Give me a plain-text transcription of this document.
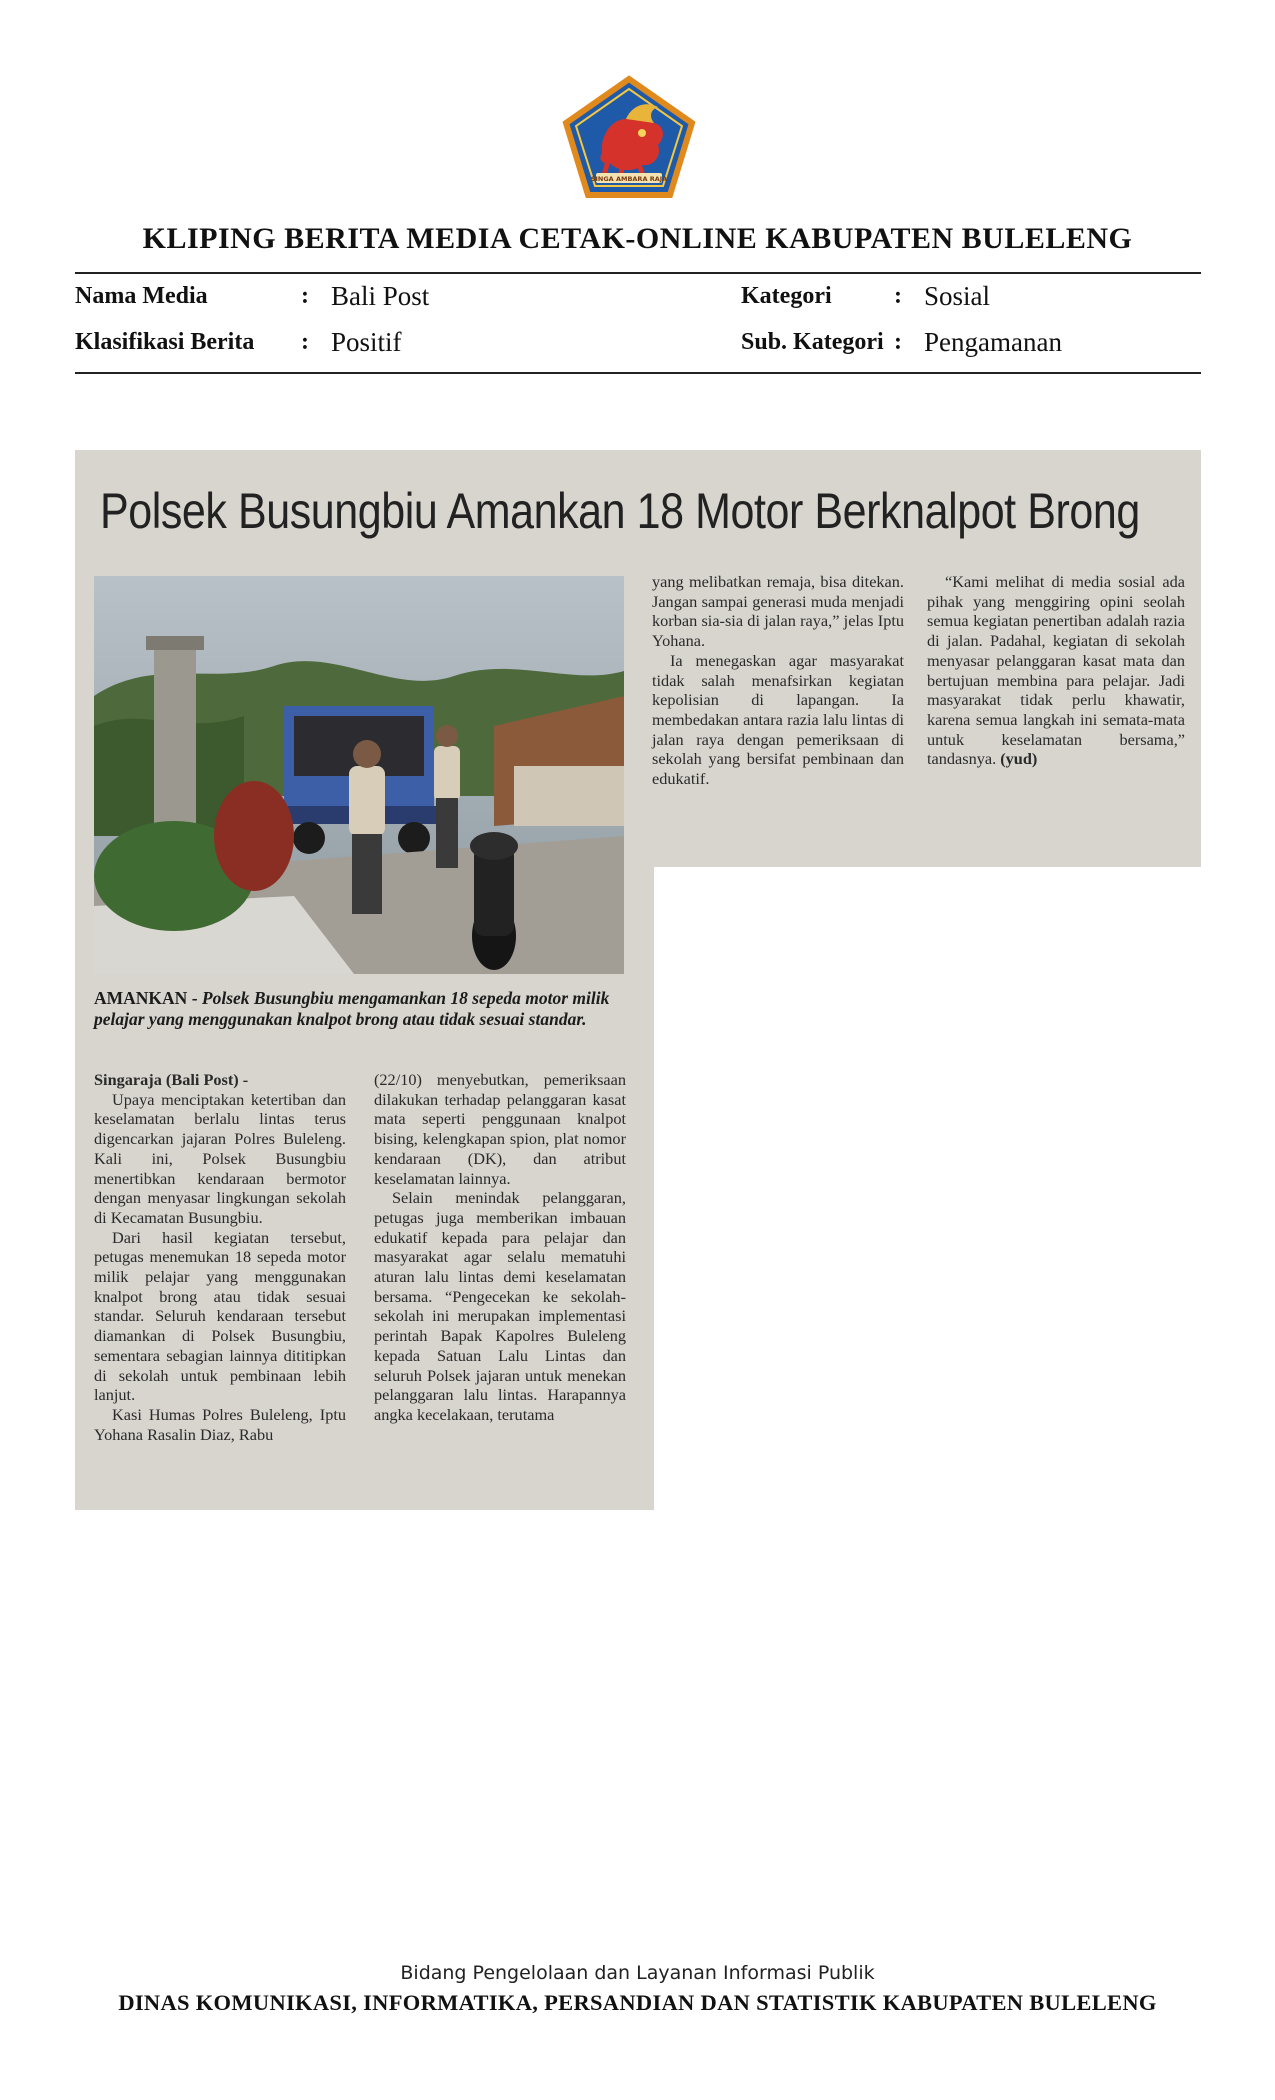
SINGA AMBARA RAJA
KLIPING BERITA MEDIA CETAK-ONLINE KABUPATEN BULELENG
Nama Media	: Bali Post	Kategori	: Sosial
Klasifikasi Berita : Positif	Sub. Kategori : Pengamanan
Polsek Busungbiu Amankan 18 Motor Berknalpot Brong
AMANKAN - Polsek Busungbiu mengamankan 18 sepeda motor milik pelajar yang menggunakan knalpot brong atau tidak sesuai standar.

Singaraja (Bali Post) -

Upaya menciptakan ketertiban dan keselamatan berlalu lintas terus digencarkan jajaran Polres Buleleng. Kali ini, Polsek Busungbiu menertibkan kendaraan bermotor dengan menyasar lingkungan sekolah di Kecamatan Busungbiu.

Dari hasil kegiatan tersebut, petugas menemukan 18 sepeda motor milik pelajar yang menggunakan knalpot brong atau tidak sesuai standar. Seluruh kendaraan tersebut diamankan di Polsek Busungbiu, sementara sebagian lainnya dititipkan di sekolah untuk pembinaan lebih lanjut.

Kasi Humas Polres Buleleng, Iptu Yohana Rasalin Diaz, Rabu

(22/10) menyebutkan, pemeriksaan dilakukan terhadap pelanggaran kasat mata seperti penggunaan knalpot bising, kelengkapan spion, plat nomor kendaraan (DK), dan atribut keselamatan lainnya.

Selain menindak pelanggaran, petugas juga memberikan imbauan edukatif kepada para pelajar dan masyarakat agar selalu mematuhi aturan lalu lintas demi keselamatan bersama. “Pengecekan ke sekolah-sekolah ini merupakan implementasi perintah Bapak Kapolres Buleleng kepada Satuan Lalu Lintas dan seluruh Polsek jajaran untuk menekan pelanggaran lalu lintas. Harapannya angka kecelakaan, terutama

yang melibatkan remaja, bisa ditekan. Jangan sampai generasi muda menjadi korban sia-sia di jalan raya,” jelas Iptu Yohana.

Ia menegaskan agar masyarakat tidak salah menafsirkan kegiatan kepolisian di lapangan. Ia membedakan antara razia lalu lintas di jalan raya dengan pemeriksaan di sekolah yang bersifat pembinaan dan edukatif.

“Kami melihat di media sosial ada pihak yang menggiring opini seolah semua kegiatan penertiban adalah razia di jalan. Padahal, kegiatan di sekolah menyasar pelanggaran kasat mata dan bertujuan membina para pelajar. Jadi masyarakat tidak perlu khawatir, karena semua langkah ini semata-mata untuk keselamatan bersama,” tandasnya. (yud)

Bidang Pengelolaan dan Layanan Informasi Publik
DINAS KOMUNIKASI, INFORMATIKA, PERSANDIAN DAN STATISTIK KABUPATEN BULELENG
